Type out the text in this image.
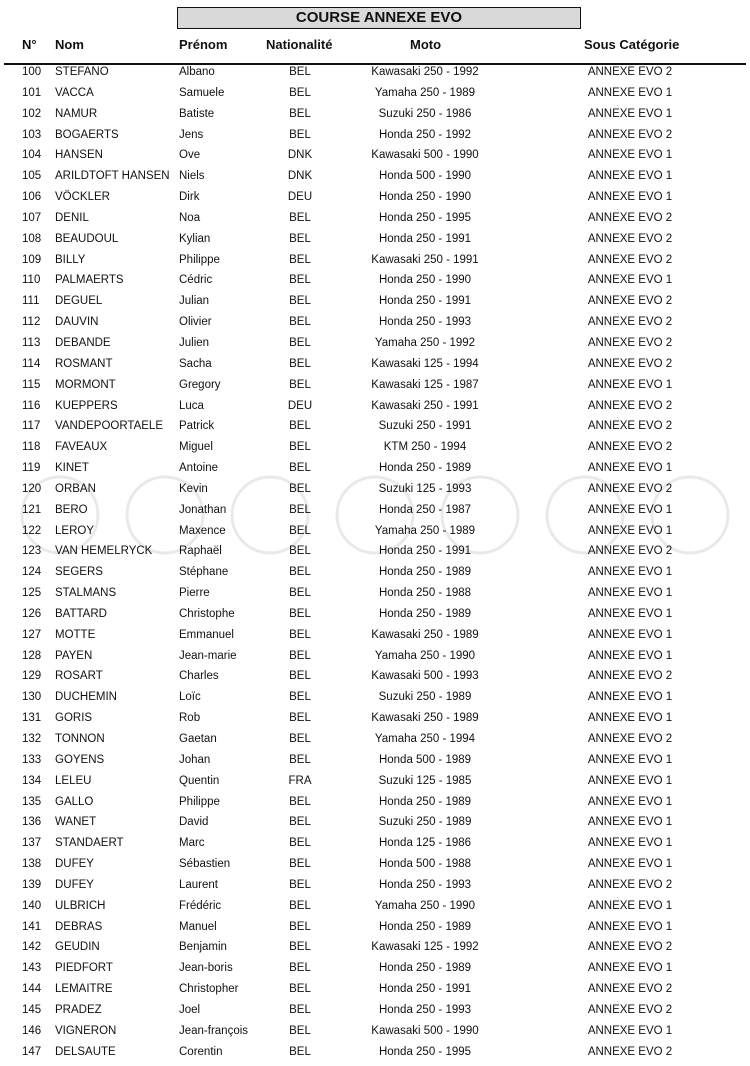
COURSE ANNEXE EVO
N° Nom	Prénom	Nationalité	Moto	Sous Catégorie
100 STEFANO	Albano	BEL	Kawasaki 250 - 1992	ANNEXE EVO 2
101 VACCA	Samuele	BEL	Yamaha 250 - 1989	ANNEXE EVO 1
102 NAMUR	Batiste	BEL	Suzuki 250 - 1986	ANNEXE EVO 1
103 BOGAERTS	Jens	BEL	Honda 250 - 1992	ANNEXE EVO 2
104 HANSEN	Ove	DNK	Kawasaki 500 - 1990	ANNEXE EVO 1
105 ARILDTOFT HANSEN Niels	DNK	Honda 500 - 1990	ANNEXE EVO 1
106 VÖCKLER	Dirk	DEU	Honda 250 - 1990	ANNEXE EVO 1
107 DENIL	Noa	BEL	Honda 250 - 1995	ANNEXE EVO 2
108 BEAUDOUL	Kylian	BEL	Honda 250 - 1991	ANNEXE EVO 2
109 BILLY	Philippe	BEL	Kawasaki 250 - 1991	ANNEXE EVO 2
110 PALMAERTS	Cédric	BEL	Honda 250 - 1990	ANNEXE EVO 1
111 DEGUEL	Julian	BEL	Honda 250 - 1991	ANNEXE EVO 2
112 DAUVIN	Olivier	BEL	Honda 250 - 1993	ANNEXE EVO 2
113 DEBANDE	Julien	BEL	Yamaha 250 - 1992	ANNEXE EVO 2
114 ROSMANT	Sacha	BEL	Kawasaki 125 - 1994	ANNEXE EVO 2
115 MORMONT	Gregory	BEL	Kawasaki 125 - 1987	ANNEXE EVO 1
116 KUEPPERS	Luca	DEU	Kawasaki 250 - 1991	ANNEXE EVO 2
117 VANDEPOORTAELE Patrick	BEL	Suzuki 250 - 1991	ANNEXE EVO 2
118 FAVEAUX	Miguel	BEL	KTM 250 - 1994	ANNEXE EVO 2
119 KINET	Antoine	BEL	Honda 250 - 1989	ANNEXE EVO 1
120 ORBAN	Kevin	BEL	Suzuki 125 - 1993	ANNEXE EVO 2
121 BERO	Jonathan	BEL	Honda 250 - 1987	ANNEXE EVO 1
122 LEROY	Maxence	BEL	Yamaha 250 - 1989	ANNEXE EVO 1
123 VAN HEMELRYCK Raphaël	BEL	Honda 250 - 1991	ANNEXE EVO 2
124 SEGERS	Stéphane	BEL	Honda 250 - 1989	ANNEXE EVO 1
125 STALMANS	Pierre	BEL	Honda 250 - 1988	ANNEXE EVO 1
126 BATTARD	Christophe	BEL	Honda 250 - 1989	ANNEXE EVO 1
127 MOTTE	Emmanuel	BEL	Kawasaki 250 - 1989	ANNEXE EVO 1
128 PAYEN	Jean-marie	BEL	Yamaha 250 - 1990	ANNEXE EVO 1
129 ROSART	Charles	BEL	Kawasaki 500 - 1993	ANNEXE EVO 2
130 DUCHEMIN	Loïc	BEL	Suzuki 250 - 1989	ANNEXE EVO 1
131 GORIS	Rob	BEL	Kawasaki 250 - 1989	ANNEXE EVO 1
132 TONNON	Gaetan	BEL	Yamaha 250 - 1994	ANNEXE EVO 2
133 GOYENS	Johan	BEL	Honda 500 - 1989	ANNEXE EVO 1
134 LELEU	Quentin	FRA	Suzuki 125 - 1985	ANNEXE EVO 1
135 GALLO	Philippe	BEL	Honda 250 - 1989	ANNEXE EVO 1
136 WANET	David	BEL	Suzuki 250 - 1989	ANNEXE EVO 1
137 STANDAERT	Marc	BEL	Honda 125 - 1986	ANNEXE EVO 1
138 DUFEY	Sébastien	BEL	Honda 500 - 1988	ANNEXE EVO 1
139 DUFEY	Laurent	BEL	Honda 250 - 1993	ANNEXE EVO 2
140 ULBRICH	Frédéric	BEL	Yamaha 250 - 1990	ANNEXE EVO 1
141 DEBRAS	Manuel	BEL	Honda 250 - 1989	ANNEXE EVO 1
142 GEUDIN	Benjamin	BEL	Kawasaki 125 - 1992	ANNEXE EVO 2
143 PIEDFORT	Jean-boris	BEL	Honda 250 - 1989	ANNEXE EVO 1
144 LEMAITRE	Christopher	BEL	Honda 250 - 1991	ANNEXE EVO 2
145 PRADEZ	Joel	BEL	Honda 250 - 1993	ANNEXE EVO 2
146 VIGNERON	Jean-françois	BEL	Kawasaki 500 - 1990	ANNEXE EVO 1
147 DELSAUTE	Corentin	BEL	Honda 250 - 1995	ANNEXE EVO 2
